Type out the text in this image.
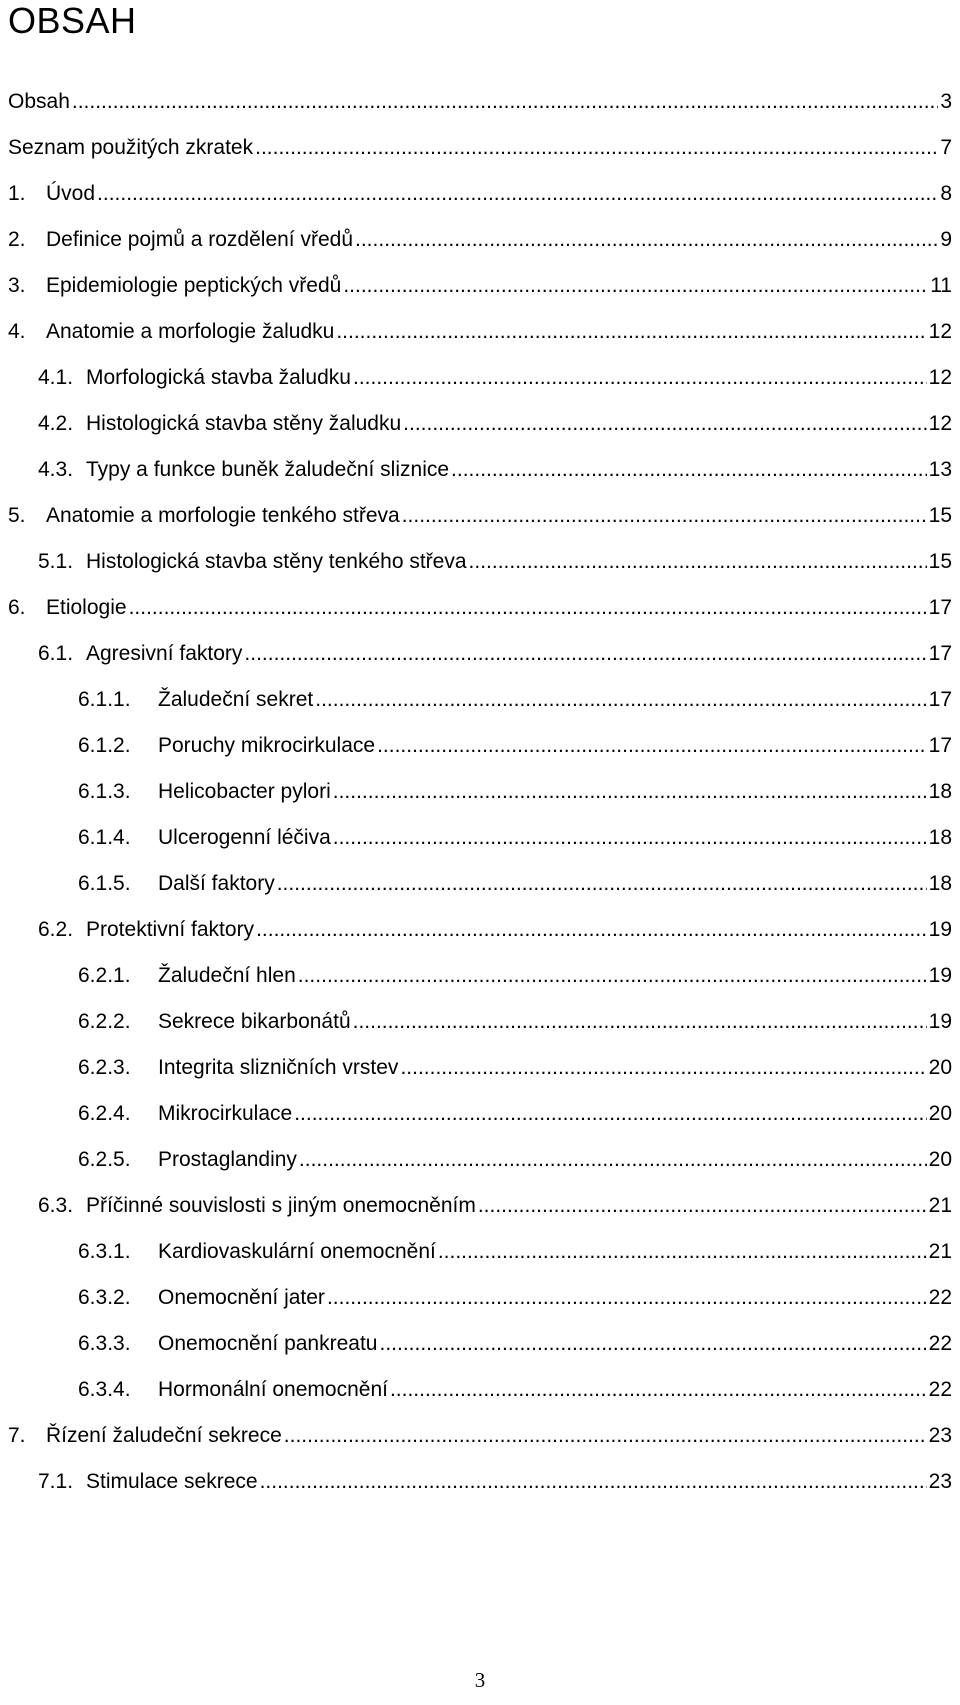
OBSAH
Obsah .....	3
Seznam použitých zkratek .....	7
1. Úvod .....	8
2. Definice pojmů a rozdělení vředů .....	9
3. Epidemiologie peptických vředů .....	11
4. Anatomie a morfologie žaludku .....	12
4.1. Morfologická stavba žaludku .....	12
4.2. Histologická stavba stěny žaludku .....	12
4.3. Typy a funkce buněk žaludeční sliznice .....	13
5. Anatomie a morfologie tenkého střeva .....	15
5.1. Histologická stavba stěny tenkého střeva .....	15
6. Etiologie .....	17
6.1. Agresivní faktory .....	17
6.1.1.	Žaludeční sekret .....	17
6.1.2.	Poruchy mikrocirkulace .....	17
6.1.3.	Helicobacter pylori .....	18
6.1.4.	Ulcerogenní léčiva .....	18
6.1.5.	Další faktory .....	18
6.2. Protektivní faktory .....	19
6.2.1.	Žaludeční hlen .....	19
6.2.2.	Sekrece bikarbonátů .....	19
6.2.3.	Integrita slizničních vrstev .....	20
6.2.4.	Mikrocirkulace .....	20
6.2.5.	Prostaglandiny .....	20
6.3. Příčinné souvislosti s jiným onemocněním .....	21
6.3.1.	Kardiovaskulární onemocnění .....	21
6.3.2.	Onemocnění jater .....	22
6.3.3.	Onemocnění pankreatu .....	22
6.3.4.	Hormonální onemocnění .....	22
7. Řízení žaludeční sekrece .....	23
7.1. Stimulace sekrece .....	23
3
